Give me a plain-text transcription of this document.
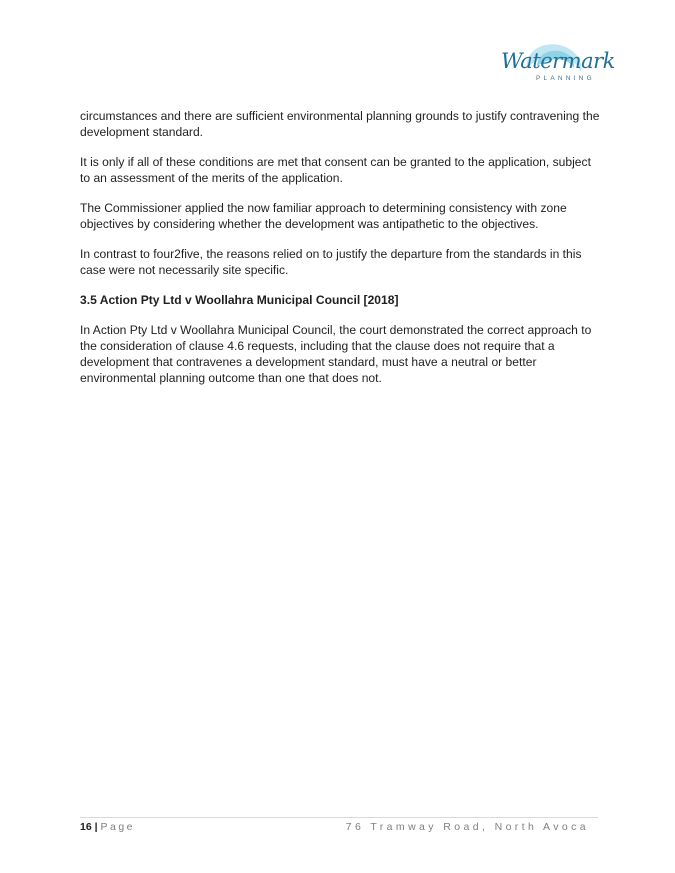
Watermark
PLANNING

circumstances and there are sufficient environmental planning grounds to justify contravening the development standard.

It is only if all of these conditions are met that consent can be granted to the application, subject to an assessment of the merits of the application.

The Commissioner applied the now familiar approach to determining consistency with zone objectives by considering whether the development was antipathetic to the objectives.

In contrast to four2five, the reasons relied on to justify the departure from the standards in this case were not necessarily site specific.

3.5 Action Pty Ltd v Woollahra Municipal Council [2018]

In Action Pty Ltd v Woollahra Municipal Council, the court demonstrated the correct approach to the consideration of clause 4.6 requests, including that the clause does not require that a development that contravenes a development standard, must have a neutral or better environmental planning outcome than one that does not.

16 | Page	76 Tramway Road, North Avoca
